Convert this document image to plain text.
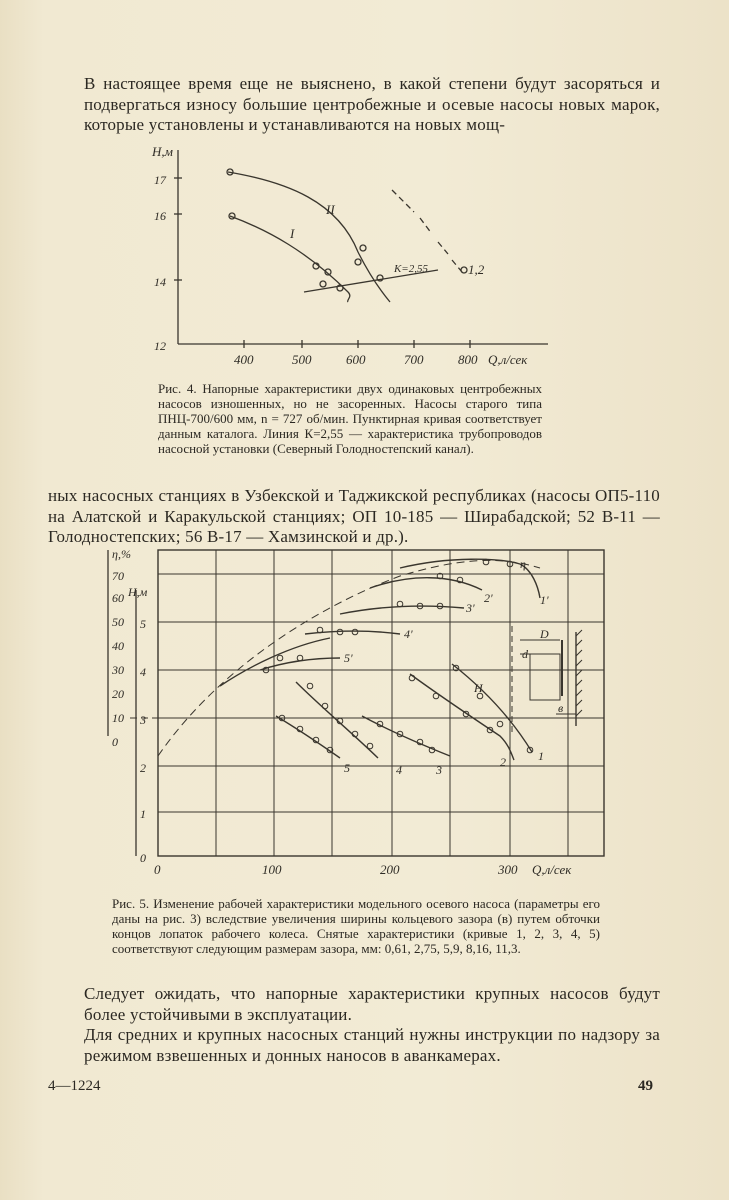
В настоящее время еще не выяснено, в какой степени будут засоряться и подвергаться износу большие центробежные и осевые насосы новых марок, которые установлены и устанавливаются на новых мощ-
Н,м
17
16
14
12
400	500	600	700	800 Q,л/сек
II
I
К=2,55	1,2
Рис. 4. Напорные характеристики двух одинаковых центробежных насосов изношенных, но не засоренных. Насосы старого типа ПНЦ-700/600 мм, n = 727 об/мин. Пунктирная кривая соответствует данным каталога. Линия К=2,55 — характеристика трубопроводов насосной установки (Северный Голодностепский канал).
ных насосных станциях в Узбекской и Таджикской республиках (насосы ОП5-110 на Алатской и Каракульской станциях; ОП 10-185 — Ширабадской; 52 В-11 — Голодностепских; 56 В-17 — Хамзинской и др.).
η,%
Н,м
70
60
50
40
30
20
10
0
5
4
3
2
1
0
0	100	200	300 Q,л/сек
η
1'
2'
3'
4'
5'
Н
1
2
3
4
5
D
d
в
Рис. 5. Изменение рабочей характеристики модельного осевого насоса (параметры его даны на рис. 3) вследствие увеличения ширины кольцевого зазора (в) путем обточки концов лопаток рабочего колеса. Снятые характеристики (кривые 1, 2, 3, 4, 5) соответствуют следующим размерам зазора, мм: 0,61, 2,75, 5,9, 8,16, 11,3.
Следует ожидать, что напорные характеристики крупных насосов будут более устойчивыми в эксплуатации.
Для средних и крупных насосных станций нужны инструкции по надзору за режимом взвешенных и донных наносов в аванкамерах.
4—1224	49
